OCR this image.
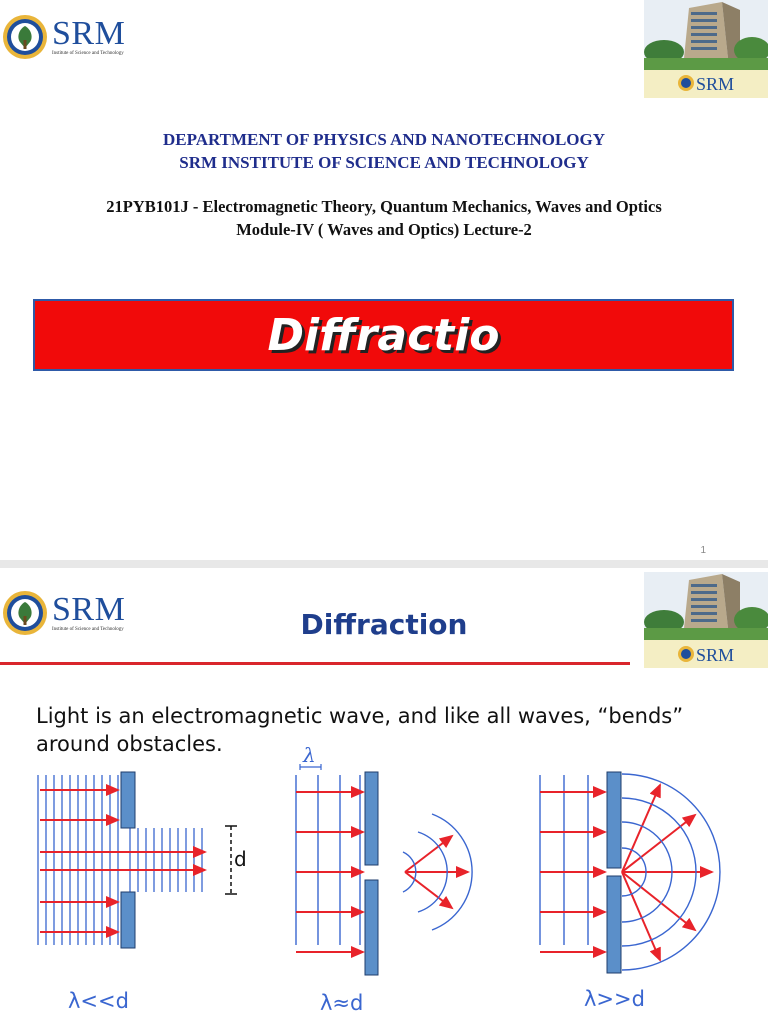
SRM
Institute of Science and Technology
SRM
DEPARTMENT OF PHYSICS AND NANOTECHNOLOGY
SRM INSTITUTE OF SCIENCE AND TECHNOLOGY
21PYB101J - Electromagnetic Theory, Quantum Mechanics, Waves and Optics
Module-IV ( Waves and Optics) Lecture-2
Diffractio
1
SRM
Institute of Science and Technology
SRM
Diffraction
Light is an electromagnetic wave, and like all waves, “bends” around obstacles.
d
λ<<d
λ
λ≈d	λ>>d
